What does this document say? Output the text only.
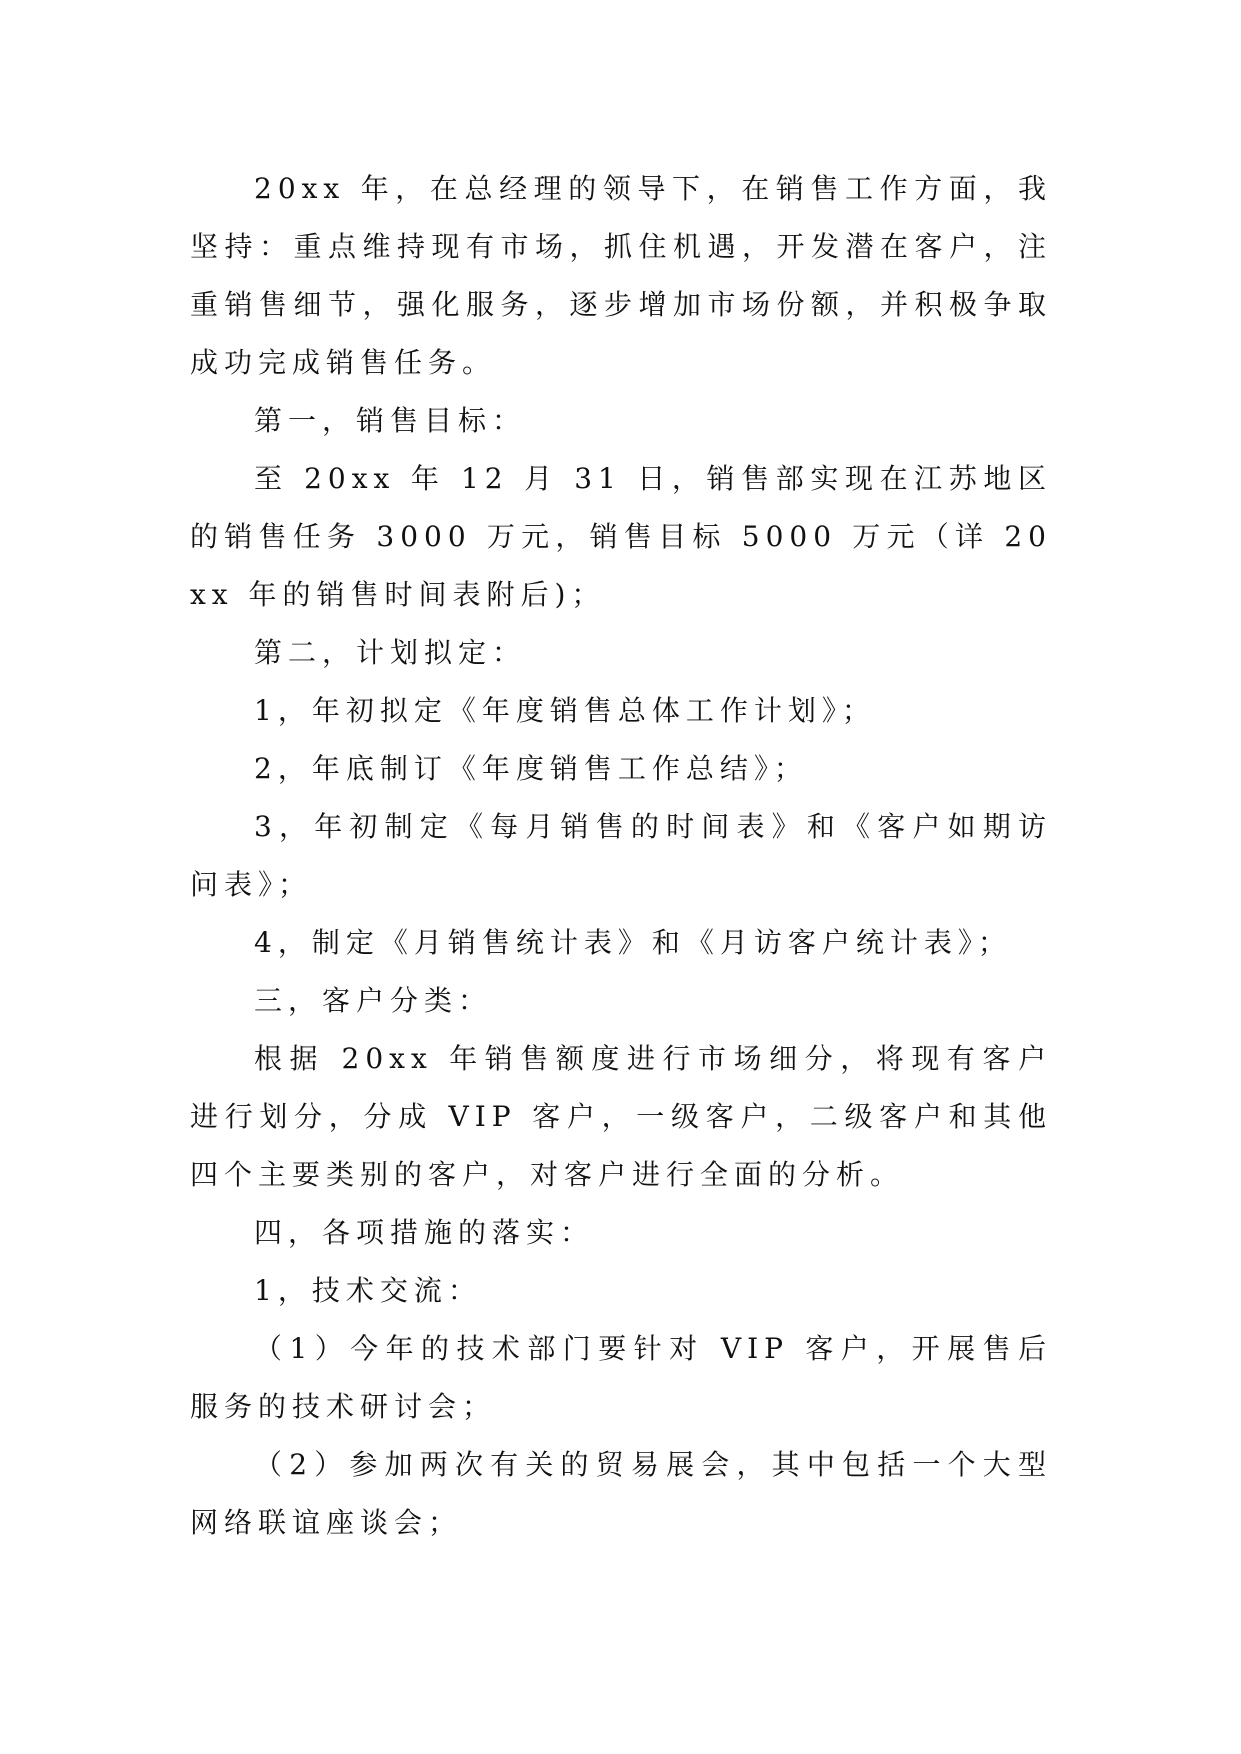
20xx 年，在总经理的领导下，在销售工作方面，我坚持：重点维持现有市场，抓住机遇，开发潜在客户，注重销售细节，强化服务，逐步增加市场份额，并积极争取成功完成销售任务。

第一，销售目标：

至 20xx 年 12 月 31 日，销售部实现在江苏地区的销售任务 3000 万元，销售目标 5000 万元（详 20xx 年的销售时间表附后)；

第二，计划拟定：

1，年初拟定《年度销售总体工作计划》；

2，年底制订《年度销售工作总结》；

3，年初制定《每月销售的时间表》和《客户如期访问表》；

4，制定《月销售统计表》和《月访客户统计表》；

三，客户分类：

根据 20xx 年销售额度进行市场细分，将现有客户进行划分，分成 VIP 客户，一级客户，二级客户和其他四个主要类别的客户，对客户进行全面的分析。

四，各项措施的落实：

1，技术交流：

（1）今年的技术部门要针对 VIP 客户，开展售后服务的技术研讨会；

（2）参加两次有关的贸易展会，其中包括一个大型网络联谊座谈会；
